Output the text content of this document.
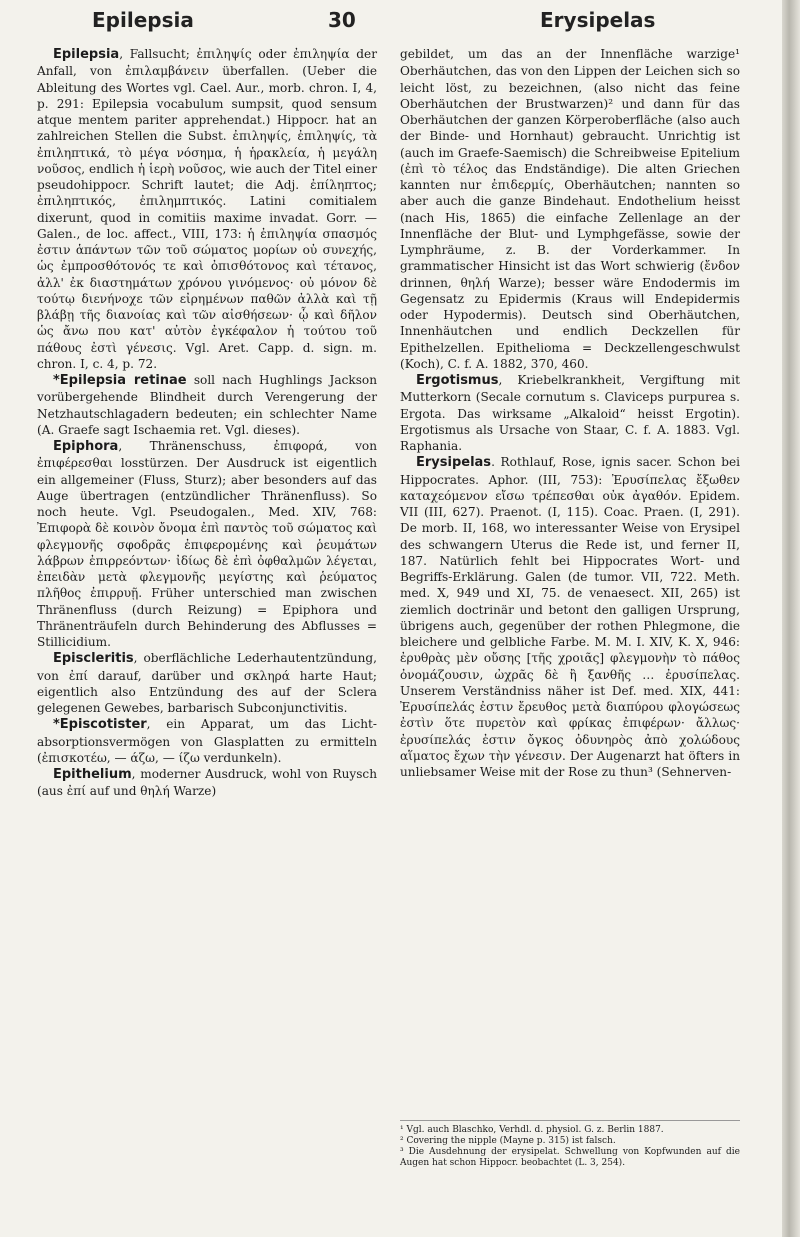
Epilepsia	30	Erysipelas

Epilepsia, Fallsucht; ἐπιληψίς oder ἐπιληψία der Anfall, von ἐπιλαμβάνειν überfallen. (Ueber die Ableitung des Wortes vgl. Cael. Aur., morb. chron. I, 4, p. 291: Epilepsia vocabulum sumpsit, quod sensum atque mentem pariter apprehendat.) Hippocr. hat an zahlreichen Stellen die Subst. ἐπιληψίς, ἐπιληψίς, τὰ ἐπιληπτικά, τὸ μέγα νόσημα, ἡ ἡρακλεία, ἡ μεγάλη νοῦσος, endlich ἡ ἱερὴ νοῦσος, wie auch der Titel einer pseudohippocr. Schrift lautet; die Adj. ἐπίληπτος; ἐπιληπτικός, ἐπιλημπτικός. Latini comitialem dixerunt, quod in comitiis maxime invadat. Gorr. — Galen., de loc. affect., VIII, 173: ἡ ἐπιληψία σπασμός ἐστιν ἁπάντων τῶν τοῦ σώματος μορίων οὐ συνεχής, ὡς ἐμπροσθότονός τε καὶ ὀπισθότονος καὶ τέτανος, ἀλλ' ἐκ διαστημάτων χρόνου γινόμενος· οὐ μόνον δὲ τούτῳ διενήνοχε τῶν εἰρημένων παθῶν ἀλλὰ καὶ τῇ βλάβῃ τῆς διανοίας καὶ τῶν αἰσθήσεων· ᾧ καὶ δῆλον ὡς ἄνω που κατ' αὐτὸν ἐγκέφαλον ἡ τούτου τοῦ πάθους ἐστὶ γένεσις. Vgl. Aret. Capp. d. sign. m. chron. I, c. 4, p. 72.

*Epilepsia retinae soll nach Hughlings Jackson vorübergehende Blindheit durch Verengerung der Netzhautschlagadern bedeuten; ein schlechter Name (A. Graefe sagt Ischaemia ret. Vgl. dieses).

Epiphora, Thränenschuss, ἐπιφορά, von ἐπιφέρεσθαι losstürzen. Der Ausdruck ist eigentlich ein allgemeiner (Fluss, Sturz); aber besonders auf das Auge übertragen (entzündlicher Thränenfluss). So noch heute. Vgl. Pseudogalen., Med. XIV, 768: Ἐπιφορὰ δὲ κοινὸν ὄνομα ἐπὶ παντὸς τοῦ σώματος καὶ φλεγμονῆς σφοδρᾶς ἐπιφερομένης καὶ ῥευμάτων λάβρων ἐπιρρεόντων· ἰδίως δὲ ἐπὶ ὀφθαλμῶν λέγεται, ἐπειδὰν μετὰ φλεγμονῆς μεγίστης καὶ ῥεύματος πλῆθος ἐπιρρυῇ. Früher unterschied man zwischen Thränenfluss (durch Reizung) = Epiphora und Thränenträufeln durch Behinderung des Abflusses = Stillicidium.

Episcleritis, oberflächliche Lederhautentzündung, von ἐπί darauf, darüber und σκληρά harte Haut; eigentlich also Entzündung des auf der Sclera gelegenen Gewebes, barbarisch Subconjunctivitis.

*Episcotister, ein Apparat, um das Licht-absorptionsvermögen von Glasplatten zu ermitteln (ἐπισκοτέω, — άζω, — ίζω verdunkeln).

Epithelium, moderner Ausdruck, wohl von Ruysch (aus ἐπί auf und θηλή Warze)

gebildet, um das an der Innenfläche warzige¹ Oberhäutchen, das von den Lippen der Leichen sich so leicht löst, zu bezeichnen, (also nicht das feine Oberhäutchen der Brustwarzen)² und dann für das Oberhäutchen der ganzen Körperoberfläche (also auch der Binde- und Hornhaut) gebraucht. Unrichtig ist (auch im Graefe-Saemisch) die Schreibweise Epitelium (ἐπὶ τὸ τέλος das Endständige). Die alten Griechen kannten nur ἐπιδερμίς, Oberhäutchen; nannten so aber auch die ganze Bindehaut. Endothelium heisst (nach His, 1865) die einfache Zellenlage an der Innenfläche der Blut- und Lymphgefässe, sowie der Lymphräume, z. B. der Vorderkammer. In grammatischer Hinsicht ist das Wort schwierig (ἔνδον drinnen, θηλή Warze); besser wäre Endodermis im Gegensatz zu Epidermis (Kraus will Endepidermis oder Hypodermis). Deutsch sind Oberhäutchen, Innenhäutchen und endlich Deckzellen für Epithelzellen. Epithelioma = Deckzellengeschwulst (Koch), C. f. A. 1882, 370, 460.

Ergotismus, Kriebelkrankheit, Vergiftung mit Mutterkorn (Secale cornutum s. Claviceps purpurea s. Ergota. Das wirksame „Alkaloid“ heisst Ergotin). Ergotismus als Ursache von Staar, C. f. A. 1883. Vgl. Raphania.

Erysipelas. Rothlauf, Rose, ignis sacer. Schon bei Hippocrates. Aphor. (III, 753): Ἐρυσίπελας ἔξωθεν καταχεόμενον εἴσω τρέπεσθαι οὐκ ἀγαθόν. Epidem. VII (III, 627). Praenot. (I, 115). Coac. Praen. (I, 291). De morb. II, 168, wo interessanter Weise von Erysipel des schwangern Uterus die Rede ist, und ferner II, 187. Natürlich fehlt bei Hippocrates Wort- und Begriffs-Erklärung. Galen (de tumor. VII, 722. Meth. med. X, 949 und XI, 75. de venaesect. XII, 265) ist ziemlich doctrinär und betont den galligen Ursprung, übrigens auch, gegenüber der rothen Phlegmone, die bleichere und gelbliche Farbe. M. M. I. XIV, K. X, 946: ἐρυθρὰς μὲν οὔσης [τῆς χροιᾶς] φλεγμονὴν τὸ πάθος ὀνομάζουσιν, ὠχρᾶς δὲ ἢ ξανθῆς … ἐρυσίπελας. Unserem Verständniss näher ist Def. med. XIX, 441: Ἐρυσίπελάς ἐστιν ἔρευθος μετὰ διαπύρου φλογώσεως ἐστὶν ὅτε πυρετὸν καὶ φρίκας ἐπιφέρων· ἄλλως· ἐρυσίπελάς ἐστιν ὄγκος ὀδυνηρὸς ἀπὸ χολώδους αἵματος ἔχων τὴν γένεσιν. Der Augenarzt hat öfters in unliebsamer Weise mit der Rose zu thun³ (Sehnerven-

¹ Vgl. auch Blaschko, Verhdl. d. physiol. G. z. Berlin 1887.

² Covering the nipple (Mayne p. 315) ist falsch.

³ Die Ausdehnung der erysipelat. Schwellung von Kopfwunden auf die Augen hat schon Hippocr. beobachtet (L. 3, 254).
